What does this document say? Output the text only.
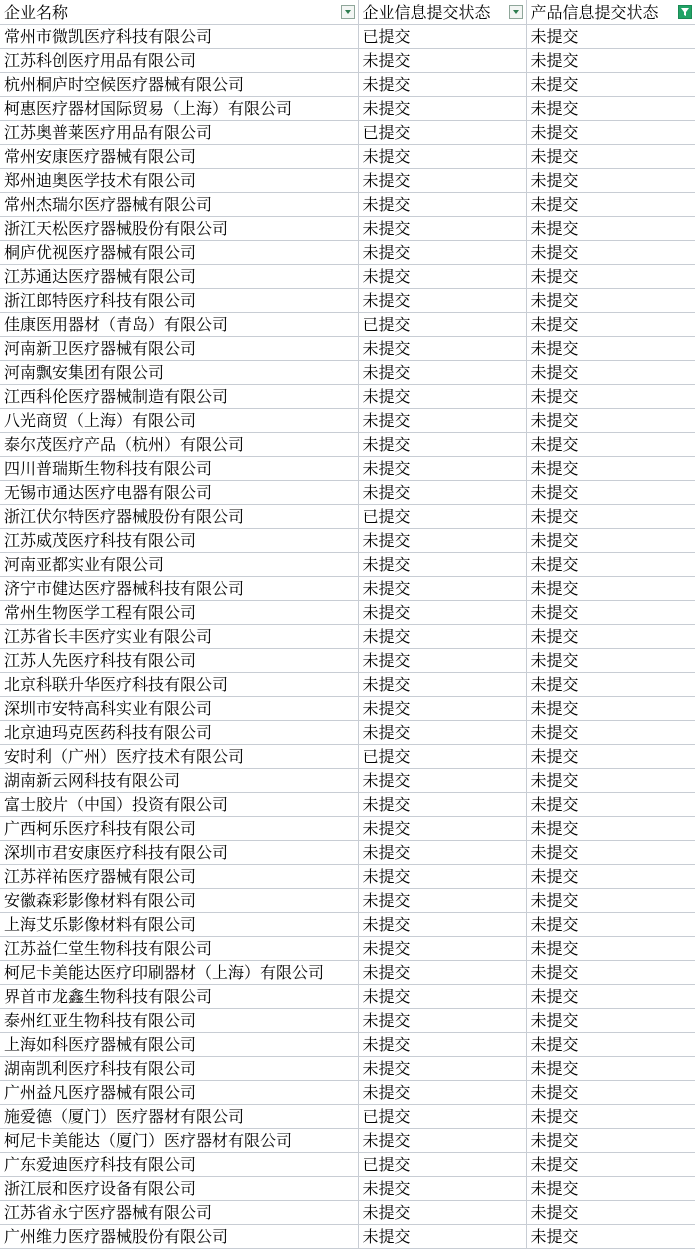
企业名称	企业信息提交状态	产品信息提交状态

常州市微凯医疗科技有限公司	已提交	未提交
江苏科创医疗用品有限公司	未提交	未提交
杭州桐庐时空候医疗器械有限公司	未提交	未提交
柯惠医疗器材国际贸易（上海）有限公司	未提交	未提交
江苏奥普莱医疗用品有限公司	已提交	未提交
常州安康医疗器械有限公司	未提交	未提交
郑州迪奥医学技术有限公司	未提交	未提交
常州杰瑞尔医疗器械有限公司	未提交	未提交
浙江天松医疗器械股份有限公司	未提交	未提交
桐庐优视医疗器械有限公司	未提交	未提交
江苏通达医疗器械有限公司	未提交	未提交
浙江郎特医疗科技有限公司	未提交	未提交
佳康医用器材（青岛）有限公司	已提交	未提交
河南新卫医疗器械有限公司	未提交	未提交
河南飘安集团有限公司	未提交	未提交
江西科伦医疗器械制造有限公司	未提交	未提交
八光商贸（上海）有限公司	未提交	未提交
泰尔茂医疗产品（杭州）有限公司	未提交	未提交
四川普瑞斯生物科技有限公司	未提交	未提交
无锡市通达医疗电器有限公司	未提交	未提交
浙江伏尔特医疗器械股份有限公司	已提交	未提交
江苏威茂医疗科技有限公司	未提交	未提交
河南亚都实业有限公司	未提交	未提交
济宁市健达医疗器械科技有限公司	未提交	未提交
常州生物医学工程有限公司	未提交	未提交
江苏省长丰医疗实业有限公司	未提交	未提交
江苏人先医疗科技有限公司	未提交	未提交
北京科联升华医疗科技有限公司	未提交	未提交
深圳市安特高科实业有限公司	未提交	未提交
北京迪玛克医药科技有限公司	未提交	未提交
安时利（广州）医疗技术有限公司	已提交	未提交
湖南新云网科技有限公司	未提交	未提交
富士胶片（中国）投资有限公司	未提交	未提交
广西柯乐医疗科技有限公司	未提交	未提交
深圳市君安康医疗科技有限公司	未提交	未提交
江苏祥祐医疗器械有限公司	未提交	未提交
安徽森彩影像材料有限公司	未提交	未提交
上海艾乐影像材料有限公司	未提交	未提交
江苏益仁堂生物科技有限公司	未提交	未提交
柯尼卡美能达医疗印刷器材（上海）有限公司	未提交	未提交
界首市龙鑫生物科技有限公司	未提交	未提交
泰州红亚生物科技有限公司	未提交	未提交
上海如科医疗器械有限公司	未提交	未提交
湖南凯利医疗科技有限公司	未提交	未提交
广州益凡医疗器械有限公司	未提交	未提交
施爱德（厦门）医疗器材有限公司	已提交	未提交
柯尼卡美能达（厦门）医疗器材有限公司	未提交	未提交
广东爱迪医疗科技有限公司	已提交	未提交
浙江辰和医疗设备有限公司	未提交	未提交
江苏省永宁医疗器械有限公司	未提交	未提交
广州维力医疗器械股份有限公司	未提交	未提交
